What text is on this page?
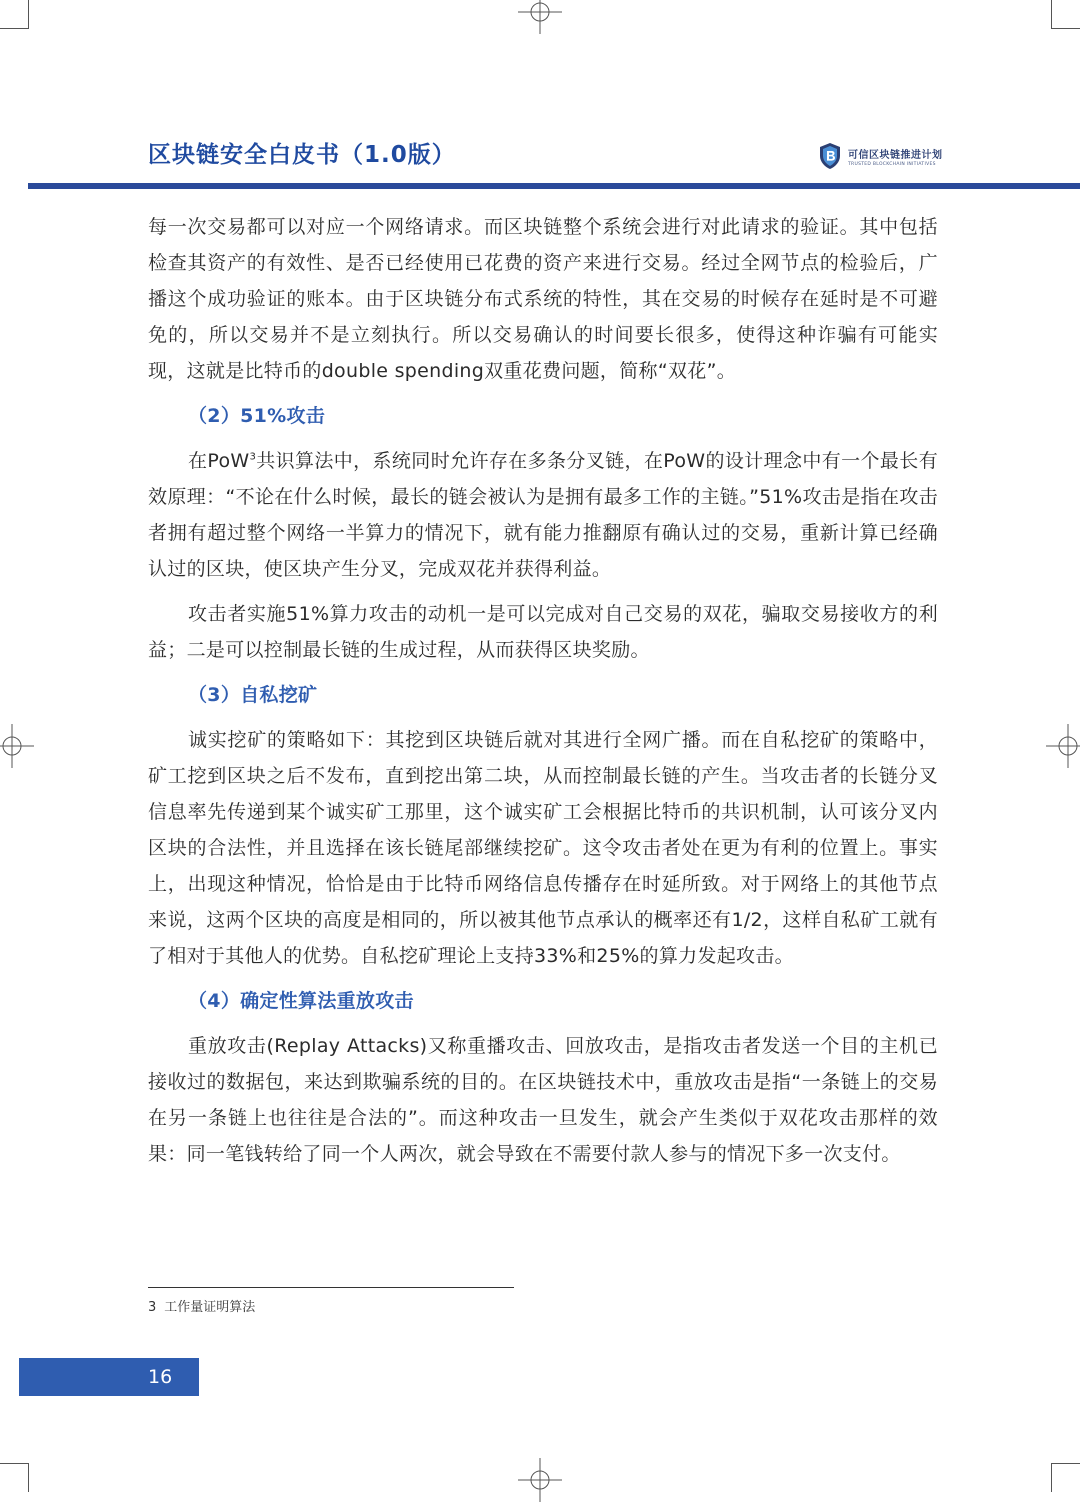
区块链安全白皮书（1.0版）	可信区块链推进计划
TRUSTED BLOCKCHAIN INITIATIVES

每一次交易都可以对应一个网络请求。而区块链整个系统会进行对此请求的验证。其中包括检查其资产的有效性、是否已经使用已花费的资产来进行交易。经过全网节点的检验后，广播这个成功验证的账本。由于区块链分布式系统的特性，其在交易的时候存在延时是不可避免的，所以交易并不是立刻执行。所以交易确认的时间要长很多，使得这种诈骗有可能实现，这就是比特币的double spending双重花费问题，简称“双花”。

（2）51%攻击

在PoW$^3$共识算法中，系统同时允许存在多条分叉链，在PoW的设计理念中有一个最长有效原理：“不论在什么时候，最长的链会被认为是拥有最多工作的主链。”51%攻击是指在攻击者拥有超过整个网络一半算力的情况下，就有能力推翻原有确认过的交易，重新计算已经确认过的区块，使区块产生分叉，完成双花并获得利益。

攻击者实施51%算力攻击的动机一是可以完成对自己交易的双花，骗取交易接收方的利益；二是可以控制最长链的生成过程，从而获得区块奖励。

（3）自私挖矿

诚实挖矿的策略如下：其挖到区块链后就对其进行全网广播。而在自私挖矿的策略中，矿工挖到区块之后不发布，直到挖出第二块，从而控制最长链的产生。当攻击者的长链分叉信息率先传递到某个诚实矿工那里，这个诚实矿工会根据比特币的共识机制，认可该分叉内区块的合法性，并且选择在该长链尾部继续挖矿。这令攻击者处在更为有利的位置上。事实上，出现这种情况，恰恰是由于比特币网络信息传播存在时延所致。对于网络上的其他节点来说，这两个区块的高度是相同的，所以被其他节点承认的概率还有1/2，这样自私矿工就有了相对于其他人的优势。自私挖矿理论上支持33%和25%的算力发起攻击。

（4）确定性算法重放攻击

重放攻击(Replay Attacks)又称重播攻击、回放攻击，是指攻击者发送一个目的主机已接收过的数据包，来达到欺骗系统的目的。在区块链技术中，重放攻击是指“一条链上的交易在另一条链上也往往是合法的”。而这种攻击一旦发生，就会产生类似于双花攻击那样的效果：同一笔钱转给了同一个人两次，就会导致在不需要付款人参与的情况下多一次支付。

3 工作量证明算法
16
